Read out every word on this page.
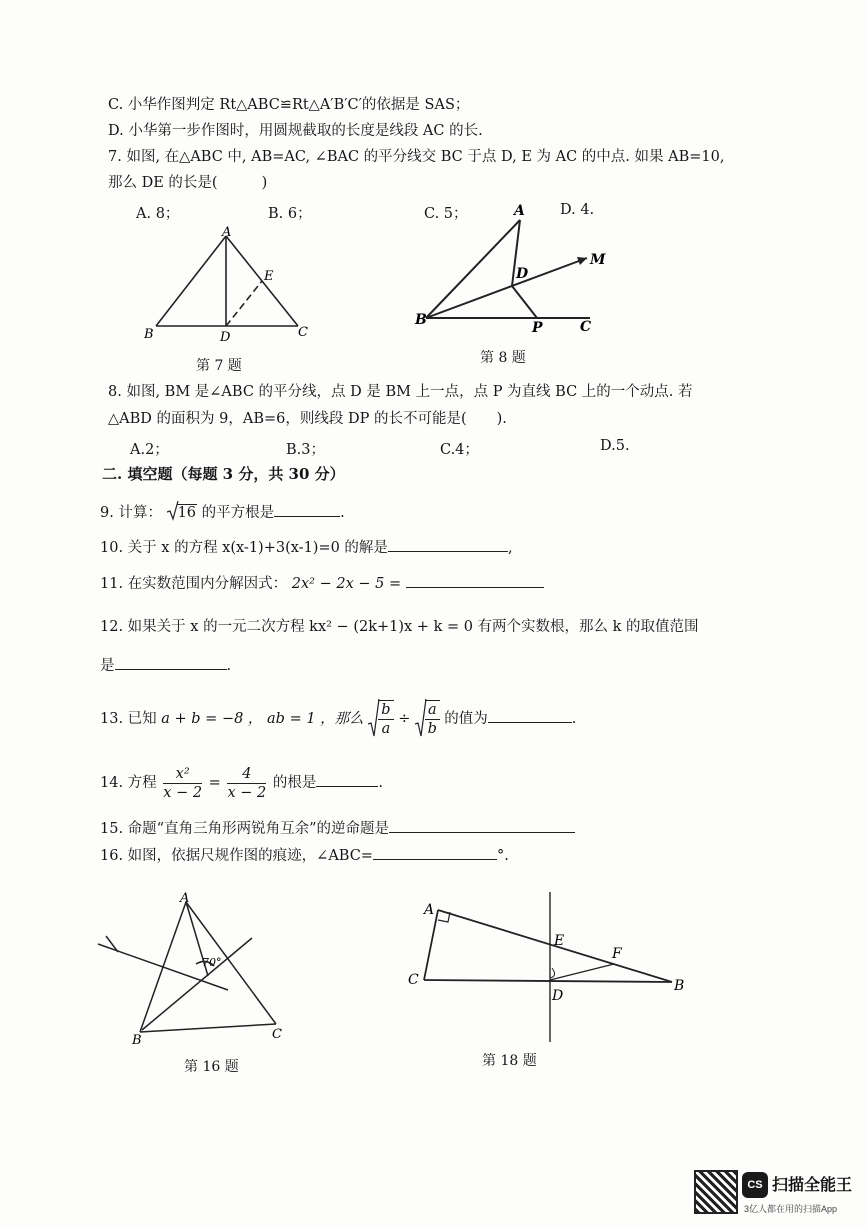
C. 小华作图判定 Rt△ABC≌Rt△A′B′C′的依据是 SAS；
D. 小华第一步作图时，用圆规截取的长度是线段 AC 的长.
7. 如图, 在△ABC 中, AB=AC, ∠BAC 的平分线交 BC 于点 D, E 为 AC 的中点. 如果 AB=10,
那么 DE 的长是(	)
A. 8；	B. 6；	C. 5；	D. 4.
A
B	C
D
E
第 7 题
A
B	C
D
M
P
第 8 题
8. 如图, BM 是∠ABC 的平分线，点 D 是 BM 上一点，点 P 为直线 BC 上的一个动点. 若
△ABD 的面积为 9，AB=6，则线段 DP 的长不可能是( ).
A.2；	B.3；	C.4；	D.5.
二. 填空题（每题 3 分，共 30 分）
9. 计算： 16 的平方根是	.
10. 关于 x 的方程 x(x-1)+3(x-1)=0 的解是	,
11. 在实数范围内分解因式： 2x² − 2x − 5 =
12. 如果关于 x 的一元二次方程 kx² − (2k+1)x + k = 0 有两个实数根，那么 k 的取值范围
是	.
13. 已知 a + b = −8 ， ab = 1 ，那么 $\frac{b}{a} \div \frac{a}{b}$ 的值为	.
14. 方程 $\frac{\text{x²}}{x - 2} = \frac{4}{x - 2}$ 的根是	.
15. 命题“直角三角形两锐角互余”的逆命题是
16. 如图，依据尺规作图的痕迹，∠ABC=	°.
A
B	C
70°
第 16 题
A
B
C
D
E
F
第 18 题
CS 扫描全能王
3亿人都在用的扫描App
